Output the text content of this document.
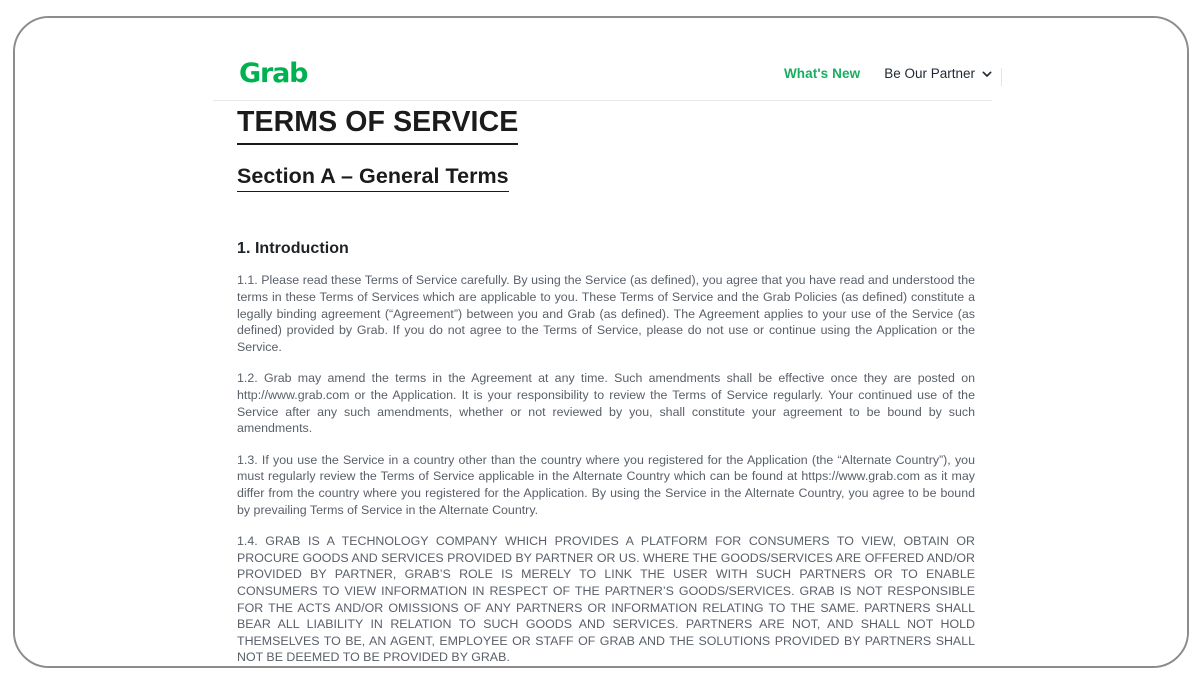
Grab	What's New Be Our Partner
TERMS OF SERVICE
Section A – General Terms
1. Introduction

1.1. Please read these Terms of Service carefully. By using the Service (as defined), you agree that you have read and understood the terms in these Terms of Services which are applicable to you. These Terms of Service and the Grab Policies (as defined) constitute a legally binding agreement (“Agreement”) between you and Grab (as defined). The Agreement applies to your use of the Service (as defined) provided by Grab. If you do not agree to the Terms of Service, please do not use or continue using the Application or the Service.

1.2. Grab may amend the terms in the Agreement at any time. Such amendments shall be effective once they are posted on http://www.grab.com or the Application. It is your responsibility to review the Terms of Service regularly. Your continued use of the Service after any such amendments, whether or not reviewed by you, shall constitute your agreement to be bound by such amendments.

1.3. If you use the Service in a country other than the country where you registered for the Application (the “Alternate Country”), you must regularly review the Terms of Service applicable in the Alternate Country which can be found at https://www.grab.com as it may differ from the country where you registered for the Application. By using the Service in the Alternate Country, you agree to be bound by prevailing Terms of Service in the Alternate Country.

1.4. GRAB IS A TECHNOLOGY COMPANY WHICH PROVIDES A PLATFORM FOR CONSUMERS TO VIEW, OBTAIN OR PROCURE GOODS AND SERVICES PROVIDED BY PARTNER OR US. WHERE THE GOODS/SERVICES ARE OFFERED AND/OR PROVIDED BY PARTNER, GRAB’S ROLE IS MERELY TO LINK THE USER WITH SUCH PARTNERS OR TO ENABLE CONSUMERS TO VIEW INFORMATION IN RESPECT OF THE PARTNER’S GOODS/SERVICES. GRAB IS NOT RESPONSIBLE FOR THE ACTS AND/OR OMISSIONS OF ANY PARTNERS OR INFORMATION RELATING TO THE SAME. PARTNERS SHALL BEAR ALL LIABILITY IN RELATION TO SUCH GOODS AND SERVICES. PARTNERS ARE NOT, AND SHALL NOT HOLD THEMSELVES TO BE, AN AGENT, EMPLOYEE OR STAFF OF GRAB AND THE SOLUTIONS PROVIDED BY PARTNERS SHALL NOT BE DEEMED TO BE PROVIDED BY GRAB.
